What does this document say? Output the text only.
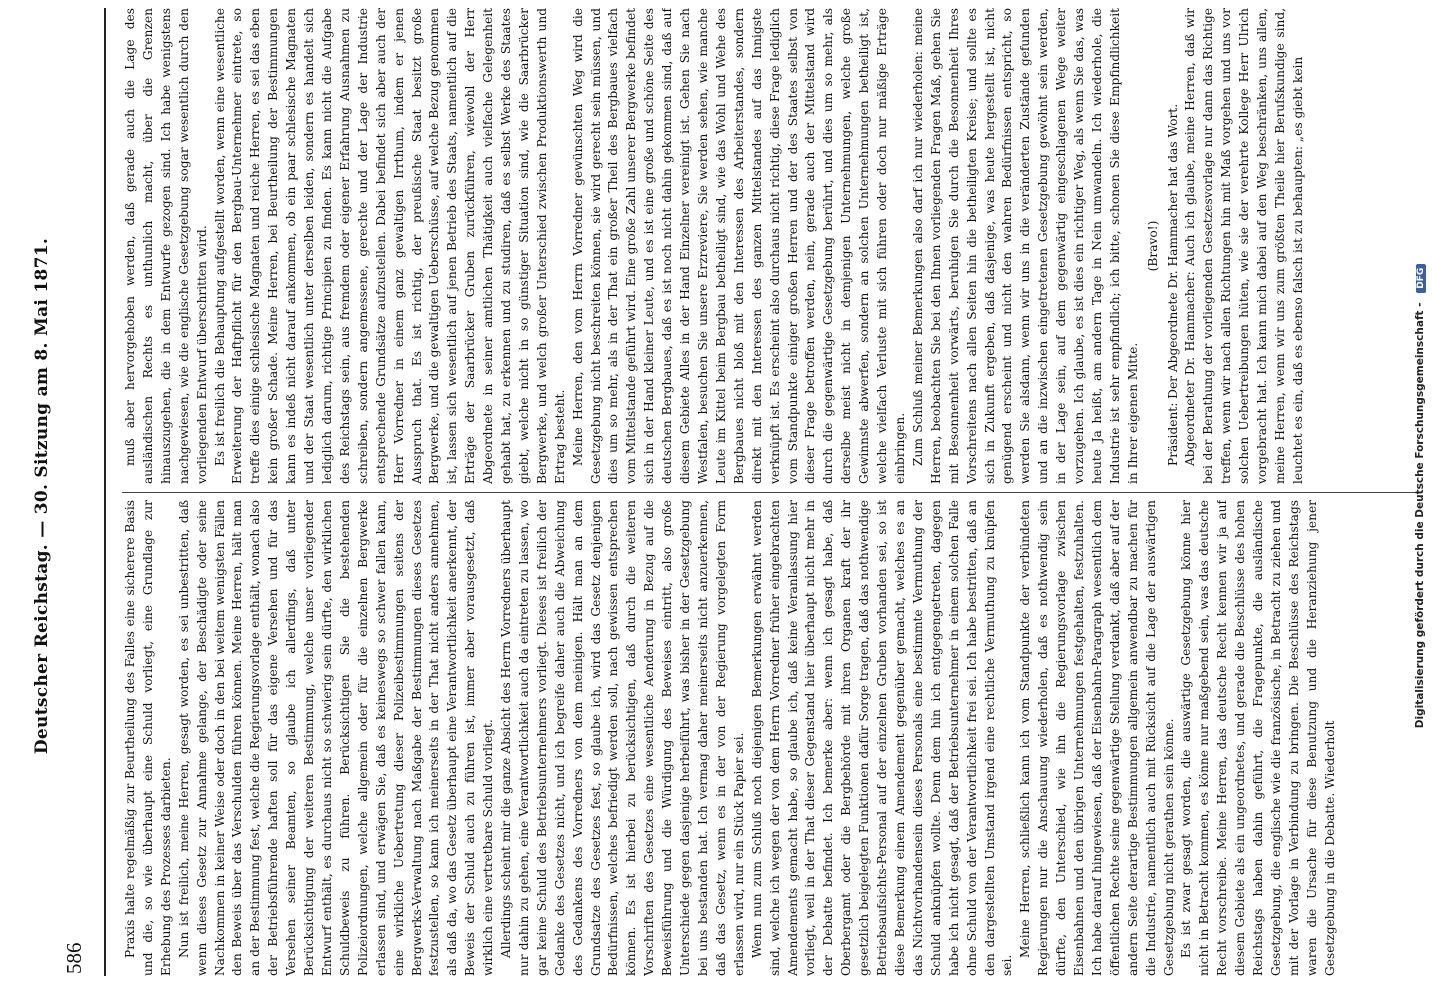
586
Deutscher Reichstag. — 30. Sitzung am 8. Mai 1871.	Praxis halte regelmäßig zur Beurtheilung des Falles eine sicherere Basis und die, so wie überhaupt eine Schuld vorliegt, eine Grundlage zur Erhebung des Prozesses darbieten. Nun ist freilich, meine Herren, gesagt worden, es sei unbestritten, daß wenn dieses Gesetz zur Annahme gelange, der Beschädigte oder seine Nachkommen in keiner Weise oder doch in den bei weitem wenigsten Fällen den Beweis über das Verschulden führen können. Meine Herren, hält man an der Bestimmung fest, welche die Regierungsvorlage enthält, wonach also der Betriebsführende haften soll für das eigene Versehen und für das Versehen seiner Beamten, so glaube ich allerdings, daß unter Berücksichtigung der weiteren Bestimmung, welche unser vorliegender Entwurf enthält, es durchaus nicht so schwierig sein dürfte, den wirklichen Schuldbeweis zu führen. Berücksichtigen Sie die bestehenden Polizeiordnungen, welche allgemein oder für die einzelnen Bergwerke erlassen sind, und erwägen Sie, daß es keineswegs so schwer fallen kann, eine wirkliche Uebertretung dieser Polizeibestimmungen seitens der Bergwerks-Verwaltung nach Maßgabe der Bestimmungen dieses Gesetzes festzustellen, so kann ich meinerseits in der That nicht anders annehmen, als daß da, wo das Gesetz überhaupt eine Verantwortlichkeit anerkennt, der Beweis der Schuld auch zu führen ist, immer aber vorausgesetzt, daß wirklich eine vertretbare Schuld vorliegt. Allerdings scheint mir die ganze Absicht des Herrn Vorredners überhaupt nur dahin zu gehen, eine Verantwortlichkeit auch da eintreten zu lassen, wo gar keine Schuld des Betriebsunternehmers vorliegt. Dieses ist freilich der Gedanke des Gesetzes nicht, und ich begreife daher auch die Abweichung des Gedankens des Vorredners von dem meinigen. Hält man an dem Grundsatze des Gesetzes fest, so glaube ich, wird das Gesetz denjenigen Bedürfnissen, welches befriedigt werden soll, nach gewissen entsprechen können. Es ist hierbei zu berücksichtigen, daß durch die weiteren Vorschriften des Gesetzes eine wesentliche Aenderung in Bezug auf die Beweisführung und die Würdigung des Beweises eintritt, also große Unterschiede gegen dasjenige herbeiführt, was bisher in der Gesetzgebung bei uns bestanden hat. Ich vermag daher meinerseits nicht anzuerkennen, daß das Gesetz, wenn es in der von der Regierung vorgelegten Form erlassen wird, nur ein Stück Papier sei. Wenn nun zum Schluß noch diejenigen Bemerkungen erwähnt werden sind, welche ich wegen der von dem Herrn Vorredner früher eingebrachten Amendements gemacht habe, so glaube ich, daß keine Veranlassung hier vorliegt, weil in der That dieser Gegenstand hier überhaupt nicht mehr in der Debatte befindet. Ich bemerke aber: wenn ich gesagt habe, daß Oberbergamt oder die Bergbehörde mit ihren Organen kraft der ihr gesetzlich beigelegten Funktionen dafür Sorge tragen, daß das nothwendige Betriebsaufsichts-Personal auf der einzelnen Gruben vorhanden sei, so ist diese Bemerkung einem Amendement gegenüber gemacht, welches es an das Nichtvorhandensein dieses Personals eine bestimmte Vermuthung der Schuld anknüpfen wollte. Denn dem hin ich entgegengetreten, dagegen habe ich nicht gesagt, daß der Betriebsunternehmer in einem solchen Falle ohne Schuld von der Verantwortlichkeit frei sei. Ich habe bestritten, daß an den dargestellten Umstand irgend eine rechtliche Vermuthung zu knüpfen sei.

Meine Herren, schließlich kann ich vom Standpunkte der verbündeten Regierungen nur die Anschauung wiederholen, daß es nothwendig sein dürfte, den Unterschied, wie ihn die Regierungsvorlage zwischen Eisenbahnen und den übrigen Unternehmungen festgehalten, festzuhalten. Ich habe darauf hingewiesen, daß der Eisenbahn-Paragraph wesentlich dem öffentlichen Rechte seine gegenwärtige Stellung verdankt, daß aber auf der andern Seite derartige Bestimmungen allgemein anwendbar zu machen für die Industrie, namentlich auch mit Rücksicht auf die Lage der auswärtigen Gesetzgebung nicht gerathen sein könne. Es ist zwar gesagt worden, die auswärtige Gesetzgebung könne hier nicht in Betracht kommen, es könne nur maßgebend sein, was das deutsche Recht vorschreibe. Meine Herren, das deutsche Recht kennen wir ja auf diesem Gebiete als ein ungeordnetes, und gerade die Beschlüsse des hohen Reichstags haben dahin geführt, die Fragepunkte, die ausländische Gesetzgebung, die englische wie die französische, in Betracht zu ziehen und mit der Vorlage in Verbindung zu bringen. Die Beschlüsse des Reichstags waren die Ursache für diese Benutzung und die Heranziehung jener Gesetzgebung in die Debatte. Wiederholt

muß aber hervorgehoben werden, daß gerade auch die Lage des ausländischen Rechts es unthunlich macht, über die Grenzen hinauszugehen, die in dem Entwurfe gezogen sind. Ich habe wenigstens nachgewiesen, wie die englische Gesetzgebung sogar wesentlich durch den vorliegenden Entwurf überschritten wird. Es ist freilich die Behauptung aufgestellt worden, wenn eine wesentliche Erweiterung der Haftpflicht für den Bergbau-Unternehmer eintrete, so treffe dies einige schlesische Magnaten und reiche Herren, es sei das eben kein großer Schade. Meine Herren, bei Beurtheilung der Bestimmungen kann es indeß nicht darauf ankommen, ob ein paar schlesische Magnaten und der Staat wesentlich unter derselben leiden, sondern es handelt sich lediglich darum, richtige Principien zu finden. Es kann nicht die Aufgabe des Reichstags sein, aus fremdem oder eigener Erfahrung Ausnahmen zu schreiben, sondern angemessene, gerechte und der Lage der Industrie entsprechende Grundsätze aufzustellen. Dabei befindet sich aber auch der Herr Vorredner in einem ganz gewaltigen Irrthum, indem er jenen Ausspruch that. Es ist richtig, der preußische Staat besitzt große Bergwerke, und die gewaltigen Ueberschüsse, auf welche Bezug genommen ist, lassen sich wesentlich auf jenen Betrieb des Staats, namentlich auf die Erträge der Saarbrücker Gruben zurückführen, wiewohl der Herr Abgeordnete in seiner amtlichen Thätigkeit auch vielfache Gelegenheit gehabt hat, zu erkennen und zu studiren, daß es selbst Werke des Staates giebt, welche nicht in so günstiger Situation sind, wie die Saarbrücker Bergwerke, und welch großer Unterschied zwischen Produktionswerth und Ertrag besteht. Meine Herren, den vom Herrn Vorredner gewünschten Weg wird die Gesetzgebung nicht beschreiten können, sie wird gerecht sein müssen, und dies um so mehr, als in der That ein großer Theil des Bergbaues vielfach vom Mittelstande geführt wird. Eine große Zahl unserer Bergwerke befindet sich in der Hand kleiner Leute, und es ist eine große und schöne Seite des deutschen Bergbaues, daß es ist noch nicht dahin gekommen sind, daß auf diesem Gebiete Alles in der Hand Einzelner vereinigt ist. Gehen Sie nach Westfalen, besuchen Sie unsere Erzreviere, Sie werden sehen, wie manche Leute im Kittel beim Bergbau betheiligt sind, wie das Wohl und Wehe des Bergbaues nicht bloß mit den Interessen des Arbeiterstandes, sondern direkt mit den Interessen des ganzen Mittelstandes auf das Innigste verknüpft ist. Es erscheint also durchaus nicht richtig, diese Frage lediglich vom Standpunkte einiger großen Herren und der des Staates selbst von dieser Frage betroffen werden, nein, gerade auch der Mittelstand wird durch die gegenwärtige Gesetzgebung berührt, und dies um so mehr, als derselbe meist nicht in demjenigen Unternehmungen, welche große Gewinnste abwerfen, sondern an solchen Unternehmungen betheiligt ist, welche vielfach Verluste mit sich führen oder doch nur mäßige Erträge einbringen. Zum Schluß meiner Bemerkungen also darf ich nur wiederholen: meine Herren, beobachten Sie bei den Ihnen vorliegenden Fragen Maß, gehen Sie mit Besonnenheit vorwärts, beruhigen Sie durch die Besonnenheit Ihres Vorschreitens nach allen Seiten hin die betheiligten Kreise; und sollte es sich in Zukunft ergeben, daß dasjenige, was heute hergestellt ist, nicht genügend erscheint und nicht den wahren Bedürfnissen entspricht, so werden Sie alsdann, wenn wir uns in die veränderten Zustände gefunden und an die inzwischen eingetretenen Gesetzgebung gewöhnt sein werden, in der Lage sein, auf dem gegenwärtig eingeschlagenen Wege weiter vorzugehen. Ich glaube, es ist dies ein richtiger Weg, als wenn Sie das, was heute Ja heißt, am andern Tage in Nein umwandeln. Ich wiederhole, die Industrie ist sehr empfindlich; ich bitte, schonen Sie diese Empfindlichkeit in Ihrer eigenen Mitte.

(Bravo!) Präsident: Der Abgeordnete Dr. Hammacher hat das Wort. Abgeordneter Dr. Hammacher: Auch ich glaube, meine Herren, daß wir bei der Berathung der vorliegenden Gesetzesvorlage nur dann das Richtige treffen, wenn wir nach allen Richtungen hin mit Maß vorgehen und uns vor solchen Uebertreibungen hüten, wie sie der verehrte Kollege Herr Ulrich vorgebracht hat. Ich kann mich dabei auf den Weg beschränken, uns allen, meine Herren, wenn wir uns zum größten Theile hier Berufskundige sind, leuchtet es ein, daß es ebenso falsch ist zu behaupten: „es giebt kein

Digitalisierung gefördert durch die Deutsche Forschungsgemeinschaft - DFG
